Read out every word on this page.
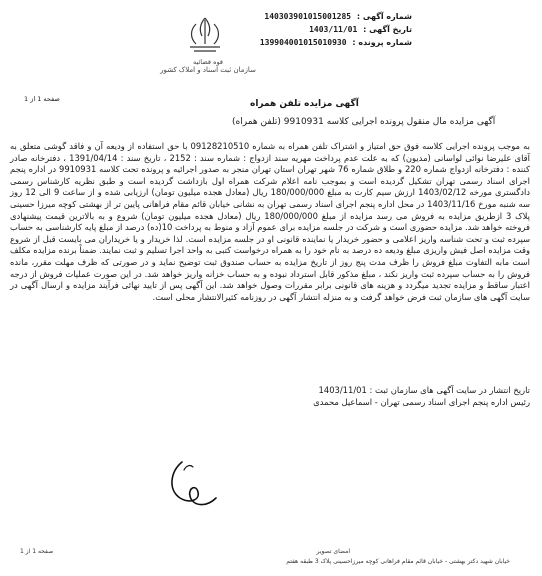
شماره آگهی : 140303901015001285
تاریخ آگهی : 1403/11/01
شماره پرونده : 139904001015010930
قوه قضائیه
سازمان ثبت اسناد و املاک کشور
صفحه 1 از 1	آگهی مزایده تلفن همراه
آگهی مزایده مال منقول پرونده اجرایی کلاسه 9910931 (تلفن همراه)

به موجب پرونده اجرایی کلاسه فوق حق امتیاز و اشتراک تلفن همراه به شماره 09128210510 با حق استفاده از ودیعه آن و فاقد گوشی متعلق به آقای علیرضا نوائی لواسانی (مدیون) که به علت عدم پرداخت مهریه سند ازدواج : شماره سند : 2152 ، تاریخ سند : 1391/04/14 ، دفترخانه صادر کننده : دفترخانه ازدواج شماره 220 و طلاق شماره 76 شهر تهران استان تهران منجر به صدور اجرائیه و پرونده تحت کلاسه 9910931 در اداره پنجم اجرای اسناد رسمی تهران تشکیل گردیده است و بموجب نامه اعلام شرکت همراه اول بازداشت گردیده است و طبق نظریه کارشناس رسمی دادگستری مورخه 1403/02/12 ارزش سیم کارت به مبلغ 180/000/000 ریال (معادل هجده میلیون تومان) ارزیابی شده و از ساعت 9 الی 12 روز سه شنبه مورخ 1403/11/16 در محل اداره پنجم اجرای اسناد رسمی تهران به نشانی خیابان قائم مقام فراهانی پایین تر از بهشتی کوچه میرزا حسینی پلاک 3 ازطریق مزایده به فروش می رسد مزایده از مبلغ 180/000/000 ریال (معادل هجده میلیون تومان) شروع و به بالاترین قیمت پیشنهادی فروخته خواهد شد. مزایده حضوری است و شرکت در جلسه مزایده برای عموم آزاد و منوط به پرداخت 10(ده) درصد از مبلغ پایه کارشناسی به حساب سپرده ثبت و تحت شناسه واریز اعلامی و حضور خریدار یا نماینده قانونی او در جلسه مزایده است. لذا خریدار و یا خریداران می بایست قبل از شروع وقت مزایده اصل فیش واریزی مبلغ ودیعه ده درصد به نام خود را به همراه درخواست کتبی به واحد اجرا تسلیم و ثبت نمایند. ضمناً برنده مزایده مکلف است مابه التفاوت مبلغ فروش را ظرف مدت پنج روز از تاریخ مزایده به حساب صندوق ثبت توضیح نماید و در صورتی که ظرف مهلت مقرر، مانده فروش را به حساب سپرده ثبت واریز نکند ، مبلغ مذکور قابل استرداد نبوده و به حساب خزانه واریز خواهد شد. در این صورت عملیات فروش از درجه اعتبار ساقط و مزایده تجدید میگردد و هزینه های قانونی برابر مقررات وصول خواهد شد. این آگهی پس از تایید نهائی فرآیند مزایده و ارسال آگهی در سایت آگهی های سازمان ثبت فرض خواهد گرفت و به منزله انتشار آگهی در روزنامه کثیرالانتشار محلی است.

تاریخ انتشار در سایت آگهی های سازمان ثبت : 1403/11/01
رئیس اداره پنجم اجرای اسناد رسمی تهران - اسماعیل محمدی
صفحه 1 از 1	امضای تصویر
خیابان شهید دکتر بهشتی - خیابان قائم مقام فراهانی کوچه میرزاحسینی پلاک 3 طبقه هفتم
